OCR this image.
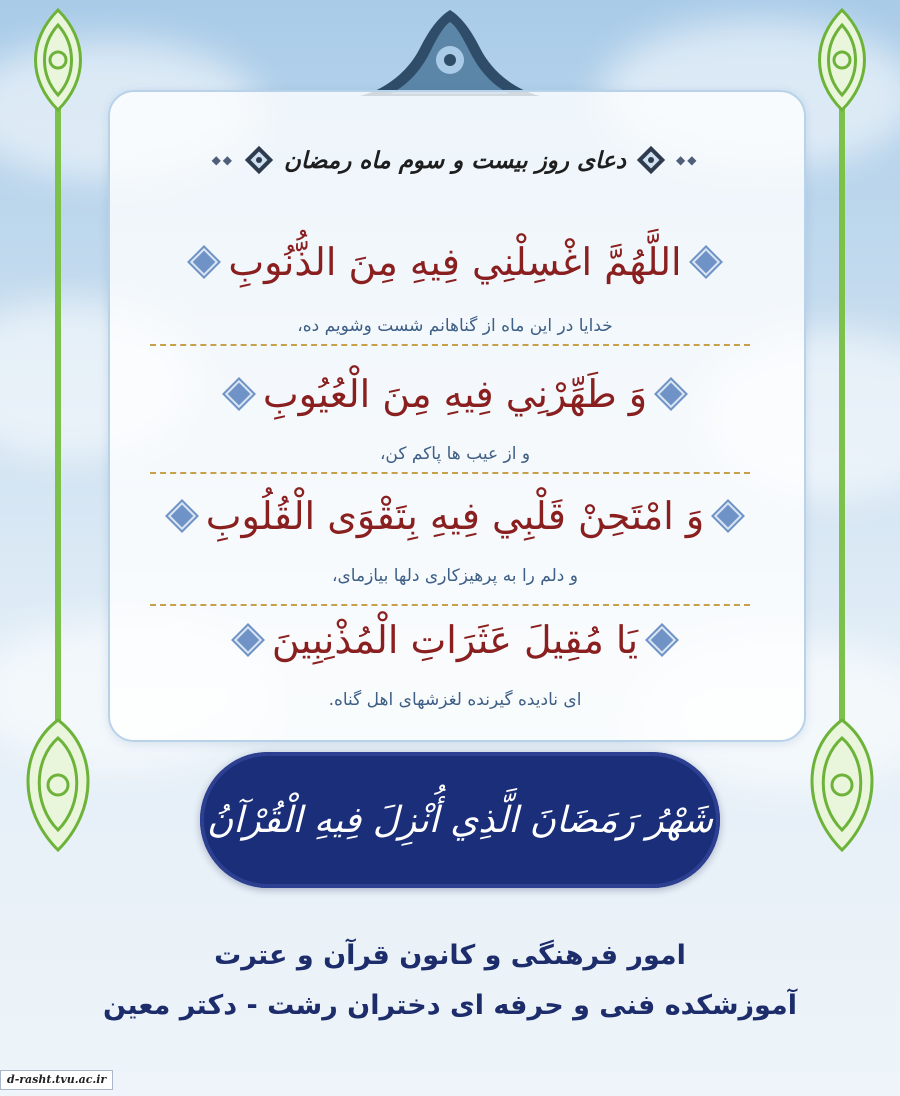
◆◆ دعای روز بیست و سوم ماه رمضان	◆◆
اللَّهُمَّ اغْسِلْنِي فِيهِ مِنَ الذُّنُوبِ
خدایا در این ماه از گناهانم شست وشویم ده،
وَ طَهِّرْنِي فِيهِ مِنَ الْعُيُوبِ
و از عیب ها پاکم کن،
وَ امْتَحِنْ قَلْبِي فِيهِ بِتَقْوَى الْقُلُوبِ
و دلم را به پرهیزکاری دلها بیازمای،
يَا مُقِيلَ عَثَرَاتِ الْمُذْنِبِينَ
ای نادیده گیرنده لغزشهای اهل گناه.
شَهْرُ رَمَضَانَ الَّذِي أُنْزِلَ فِيهِ الْقُرْآنُ
امور فرهنگی و کانون قرآن و عترت
آموزشکده فنی و حرفه ای دختران رشت - دکتر معین
d-rasht.tvu.ac.ir
